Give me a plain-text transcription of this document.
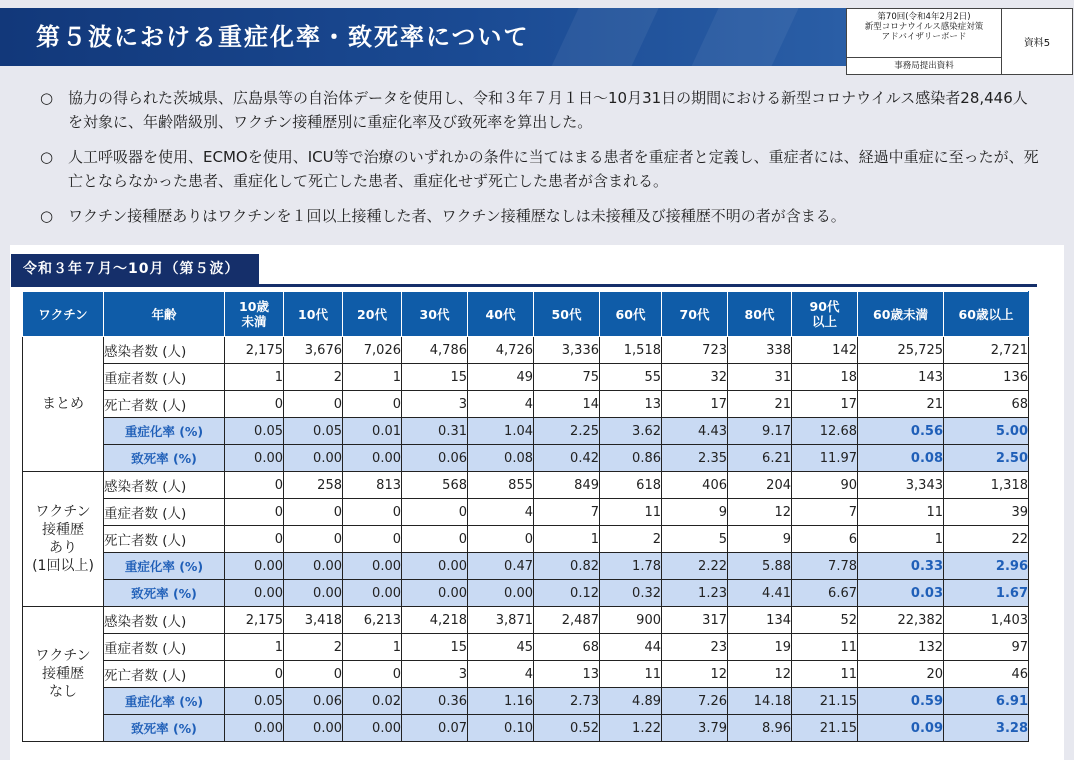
第５波における重症化率・致死率について
第70回(令和4年2月2日)
新型コロナウイルス感染症対策
アドバイザリーボード
資料5
事務局提出資料
○ 協力の得られた茨城県、広島県等の自治体データを使用し、令和３年７月１日～10月31日の期間における新型コロナウイルス感染者28,446人を対象に、年齢階級別、ワクチン接種歴別に重症化率及び致死率を算出した。
○ 人工呼吸器を使用、ECMOを使用、ICU等で治療のいずれかの条件に当てはまる患者を重症者と定義し、重症者には、経過中重症に至ったが、死亡とならなかった患者、重症化して死亡した患者、重症化せず死亡した患者が含まれる。
○ ワクチン接種歴ありはワクチンを１回以上接種した者、ワクチン接種歴なしは未接種及び接種歴不明の者が含まる。
令和３年７月～10月（第５波）
ワクチン	年齢	10歳
未満	10代	20代	30代	40代	50代	60代	70代	80代	90代
以上	60歳未満	60歳以上
まとめ	感染者数 (人)	2,175	3,676	7,026	4,786	4,726	3,336	1,518	723	338	142	25,725	2,721
	重症者数 (人)	1	2	1	15	49	75	55	32	31	18	143	136
	死亡者数 (人)	0	0	0	3	4	14	13	17	21	17	21	68
	重症化率 (%)	0.05	0.05	0.01	0.31	1.04	2.25	3.62	4.43	9.17	12.68	0.56	5.00
	致死率 (%)	0.00	0.00	0.00	0.06	0.08	0.42	0.86	2.35	6.21	11.97	0.08	2.50
ワクチン
接種歴
あり
(1回以上)	感染者数 (人)	0	258	813	568	855	849	618	406	204	90	3,343	1,318
	重症者数 (人)	0	0	0	0	4	7	11	9	12	7	11	39
	死亡者数 (人)	0	0	0	0	0	1	2	5	9	6	1	22
	重症化率 (%)	0.00	0.00	0.00	0.00	0.47	0.82	1.78	2.22	5.88	7.78	0.33	2.96
	致死率 (%)	0.00	0.00	0.00	0.00	0.00	0.12	0.32	1.23	4.41	6.67	0.03	1.67
ワクチン
接種歴
なし	感染者数 (人)	2,175	3,418	6,213	4,218	3,871	2,487	900	317	134	52	22,382	1,403
	重症者数 (人)	1	2	1	15	45	68	44	23	19	11	132	97
	死亡者数 (人)	0	0	0	3	4	13	11	12	12	11	20	46
	重症化率 (%)	0.05	0.06	0.02	0.36	1.16	2.73	4.89	7.26	14.18	21.15	0.59	6.91
	致死率 (%)	0.00	0.00	0.00	0.07	0.10	0.52	1.22	3.79	8.96	21.15	0.09	3.28
